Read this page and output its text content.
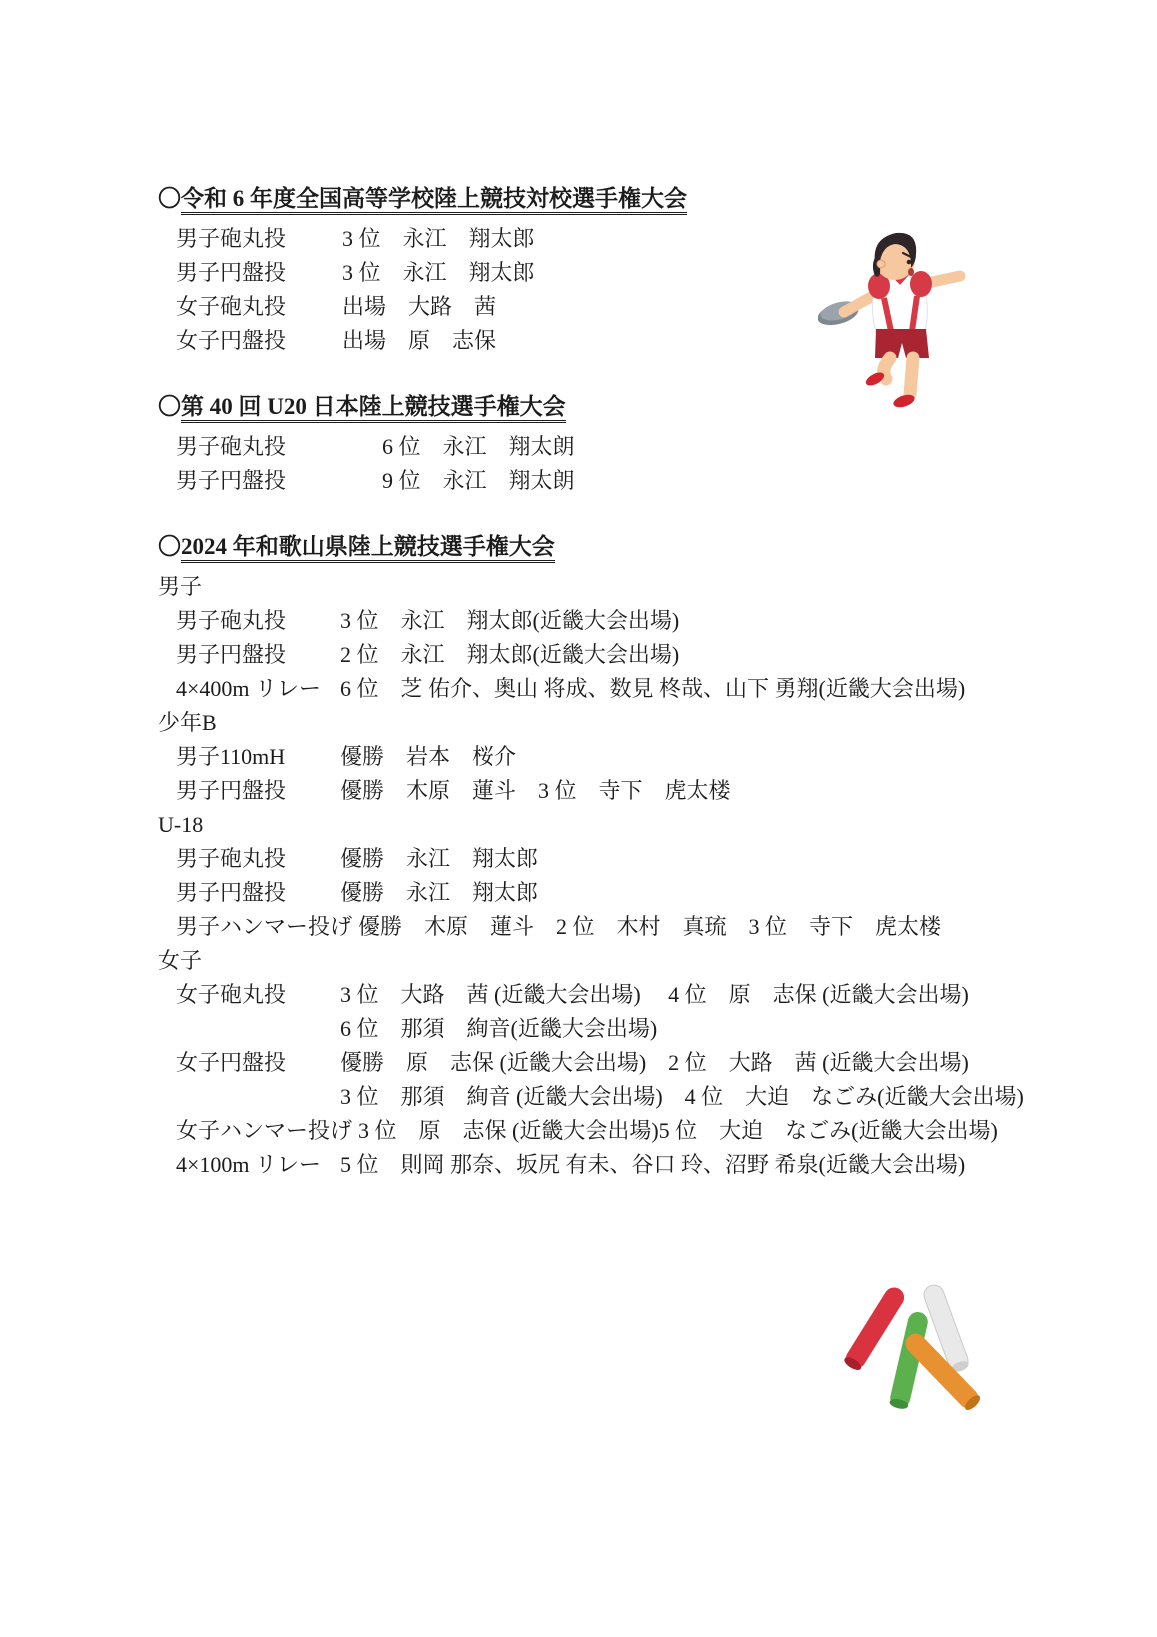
〇令和 6 年度全国高等学校陸上競技対校選手権大会
男子砲丸投	3 位　永江　翔太郎
男子円盤投	3 位　永江　翔太郎
女子砲丸投	出場　大路　茜
女子円盤投	出場　原　志保
〇第 40 回 U20 日本陸上競技選手権大会
男子砲丸投	6 位　永江　翔太朗
男子円盤投	9 位　永江　翔太朗
〇2024 年和歌山県陸上競技選手権大会
男子
男子砲丸投	3 位　永江　翔太郎(近畿大会出場)
男子円盤投	2 位　永江　翔太郎(近畿大会出場)
4×400m リレー 6 位　芝 佑介、奥山 将成、数見 柊哉、山下 勇翔(近畿大会出場)
少年B
男子110mH	優勝　岩本　桜介
男子円盤投	優勝　木原　蓮斗　3 位　寺下　虎太楼
U-18
男子砲丸投	優勝　永江　翔太郎
男子円盤投	優勝　永江　翔太郎
男子ハンマー投げ 優勝　木原　蓮斗　2 位　木村　真琉　3 位　寺下　虎太楼
女子
女子砲丸投	3 位　大路　茜 (近畿大会出場)　 4 位　原　志保 (近畿大会出場)
6 位　那須　絢音(近畿大会出場)
女子円盤投	優勝　原　志保 (近畿大会出場)　2 位　大路　茜 (近畿大会出場)
3 位　那須　絢音 (近畿大会出場)　4 位　大迫　なごみ(近畿大会出場)
女子ハンマー投げ 3 位　原　志保 (近畿大会出場)5 位　大迫　なごみ(近畿大会出場)
4×100m リレー 5 位　則岡 那奈、坂尻 有未、谷口 玲、沼野 希泉(近畿大会出場)
